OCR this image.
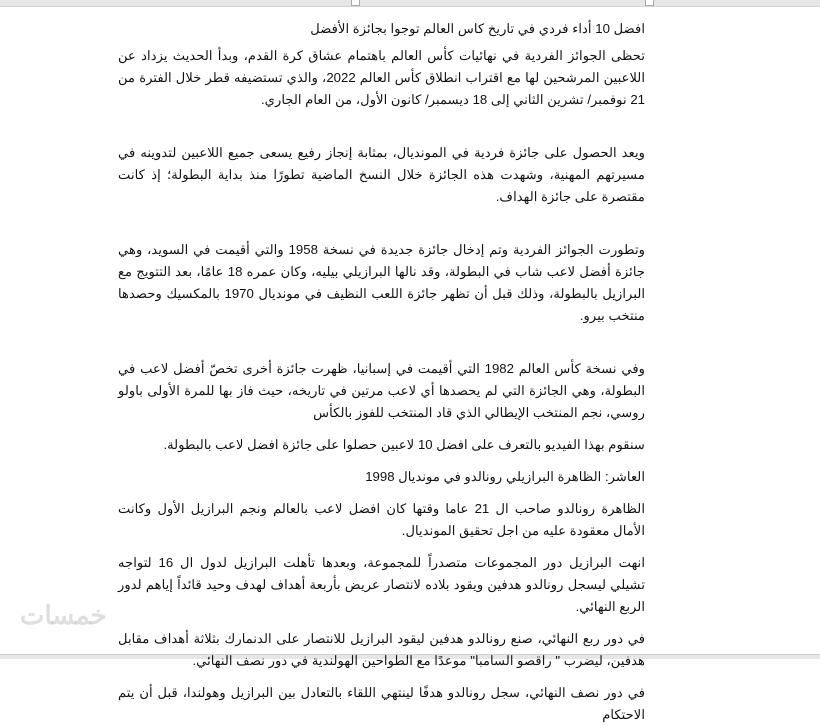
خمسات

افضل 10 أداء فردي في تاريخ كاس العالم توجوا بجائزة الأفضل

تحظى الجوائز الفردية في نهائيات كأس العالم باهتمام عشاق كرة القدم، وبدأ الحديث يزداد عن اللاعبين المرشحين لها مع اقتراب انطلاق كأس العالم 2022، والذي تستضيفه قطر خلال الفترة من 21 نوفمبر/ تشرين الثاني إلى 18 ديسمبر/ كانون الأول، من العام الجاري.

ويعد الحصول على جائزة فردية في المونديال، بمثابة إنجاز رفيع يسعى جميع اللاعبين لتدوينه في مسيرتهم المهنية، وشهدت هذه الجائزة خلال النسخ الماضية تطورًا منذ بداية البطولة؛ إذ كانت مقتصرة على جائزة الهداف.

وتطورت الجوائز الفردية وتم إدخال جائزة جديدة في نسخة 1958 والتي أقيمت في السويد، وهي جائزة أفضل لاعب شاب في البطولة، وقد نالها البرازيلي بيليه، وكان عمره 18 عامًا، بعد التتويج مع البرازيل بالبطولة، وذلك قبل أن تظهر جائزة اللعب النظيف في مونديال 1970 بالمكسيك وحصدها منتخب بيرو.

وفي نسخة كأس العالم 1982 التي أقيمت في إسبانيا، ظهرت جائزة أخرى تخصّ أفضل لاعب في البطولة، وهي الجائزة التي لم يحصدها أي لاعب مرتين في تاريخه، حيث فاز بها للمرة الأولى باولو روسي، نجم المنتخب الإيطالي الذي قاد المنتخب للفوز بالكأس

سنقوم بهذا الفيديو بالتعرف على افضل 10 لاعبين حصلوا على جائزة افضل لاعب بالبطولة.

العاشر: الظاهرة البرازيلي رونالدو في مونديال 1998

الظاهرة رونالدو صاحب ال 21 عاما وقتها كان افضل لاعب بالعالم ونجم البرازيل الأول وكانت الأمال معقودة عليه من اجل تحقيق المونديال.

انهت البرازيل دور المجموعات متصدراً للمجموعة، وبعدها تأهلت البرازيل لدول ال 16 لتواجه تشيلي ليسجل رونالدو هدفين ويقود بلاده لانتصار عريض بأربعة أهداف لهدف وحيد قائداً إياهم لدور الربع النهائي.

في دور ربع النهائي، صنع رونالدو هدفين ليقود البرازيل للانتصار على الدنمارك بثلاثة أهداف مقابل هدفين، ليضرب " راقصو السامبا" موعدًا مع الطواحين الهولندية في دور نصف النهائي.

في دور نصف النهائي، سجل رونالدو هدفًا لينتهي اللقاء بالتعادل بين البرازيل وهولندا، قبل أن يتم الاحتكام
